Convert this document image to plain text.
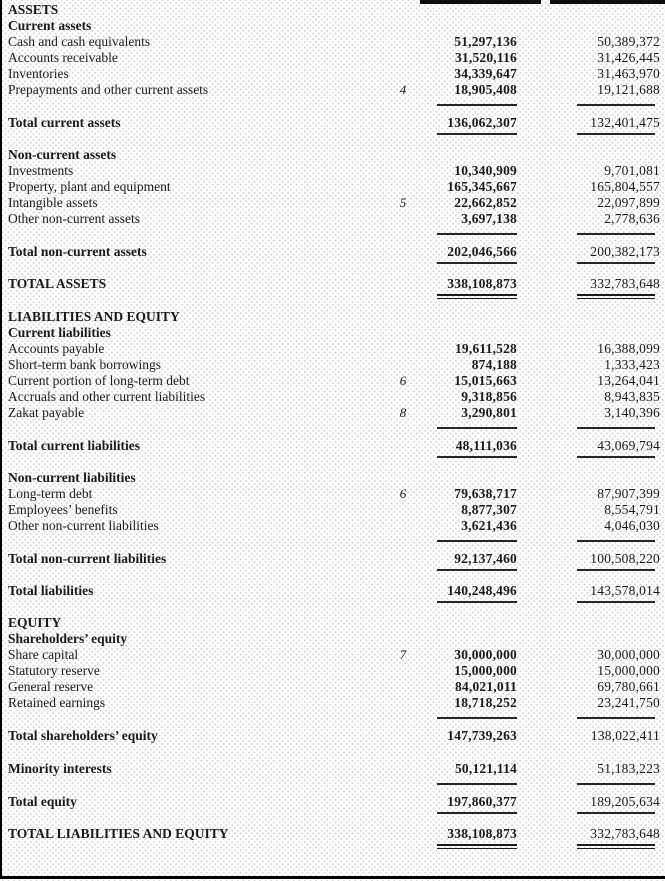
ASSETS
Current assets
Cash and cash equivalents	51,297,136	50,389,372
Accounts receivable	31,520,116	31,426,445
Inventories	34,339,647	31,463,970
Prepayments and other current assets	4	18,905,408	19,121,688
Total current assets	136,062,307	132,401,475
Non-current assets
Investments	10,340,909	9,701,081
Property, plant and equipment	165,345,667	165,804,557
Intangible assets	5	22,662,852	22,097,899
Other non-current assets	3,697,138	2,778,636
Total non-current assets	202,046,566	200,382,173
TOTAL ASSETS	338,108,873	332,783,648
LIABILITIES AND EQUITY
Current liabilities
Accounts payable	19,611,528	16,388,099
Short-term bank borrowings	874,188	1,333,423
Current portion of long-term debt	6	15,015,663	13,264,041
Accruals and other current liabilities	9,318,856	8,943,835
Zakat payable	8	3,290,801	3,140,396
Total current liabilities	48,111,036	43,069,794
Non-current liabilities
Long-term debt	6	79,638,717	87,907,399
Employees’ benefits	8,877,307	8,554,791
Other non-current liabilities	3,621,436	4,046,030
Total non-current liabilities	92,137,460	100,508,220
Total liabilities	140,248,496	143,578,014
EQUITY
Shareholders’ equity
Share capital	7	30,000,000	30,000,000
Statutory reserve	15,000,000	15,000,000
General reserve	84,021,011	69,780,661
Retained earnings	18,718,252	23,241,750
Total shareholders’ equity	147,739,263	138,022,411
Minority interests	50,121,114	51,183,223
Total equity	197,860,377	189,205,634
TOTAL LIABILITIES AND EQUITY	338,108,873	332,783,648
